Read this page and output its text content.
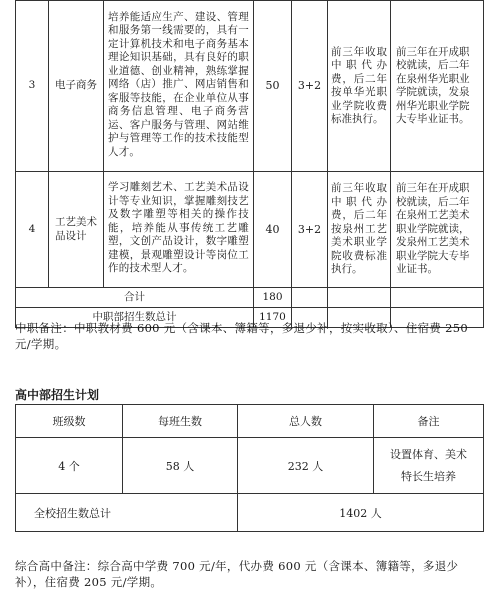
3	电子商务	培养能适应生产、建设、管理和服务第一线需要的，具有一定计算机技术和电子商务基本理论知识基础，具有良好的职业道德、创业精神，熟练掌握网络（店）推广、网店销售和客服等技能，在企业单位从事商务信息管理、电子商务营运、客户服务与管理、网站维护与管理等工作的技术技能型人才。	50	3+2	前三年收取中职代办费，后二年按单华光职业学院收费标准执行。	前三年在开成职校就读，后二年在泉州华光职业学院就读，发泉州华光职业学院大专毕业证书。
4	工艺美术品设计	学习雕刻艺术、工艺美术品设计等专业知识，掌握雕刻技艺及数字雕塑等相关的操作技能，培养能从事传统工艺雕塑，文创产品设计，数字雕塑建模，景观雕塑设计等岗位工作的技术型人才。	40	3+2	前三年收取中职代办费，后二年按泉州工艺美术职业学院收费标准执行。	前三年在开成职校就读，后二年在泉州工艺美术职业学院就读，发泉州工艺美术职业学院大专毕业证书。
合计			180			
中职部招生数总计			1170			
中职备注：中职教材费 600 元（含课本、簿籍等，多退少补，按实收取）、住宿费 250 元/学期。
高中部招生计划
班级数	每班生数	总人数	备注
4 个	58 人	232 人	设置体育、美术
特长生培养

全校招生数总计		1402 人	
综合高中备注：综合高中学费 700 元/年，代办费 600 元（含课本、簿籍等，多退少补），住宿费 205 元/学期。
